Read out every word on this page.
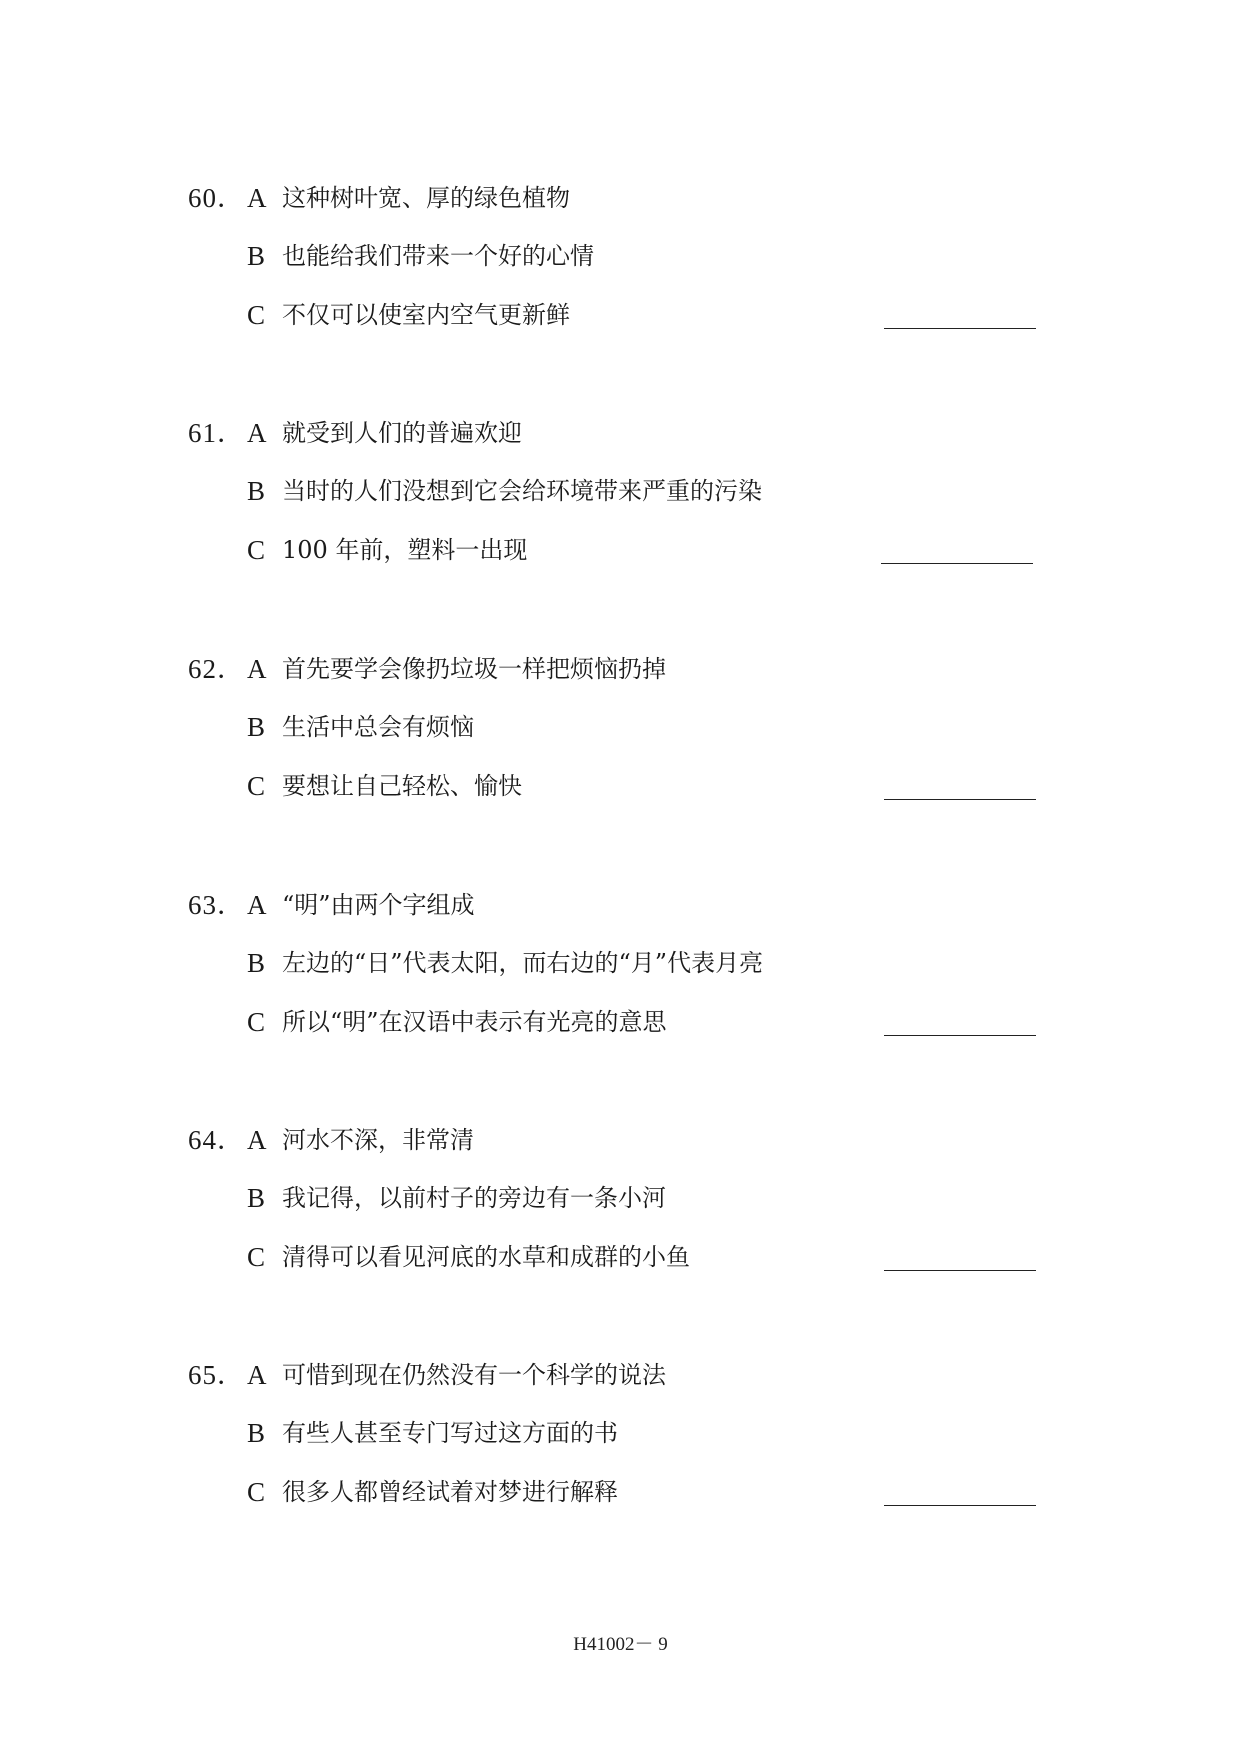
60． A 这种树叶宽、厚的绿色植物
B 也能给我们带来一个好的心情
C 不仅可以使室内空气更新鲜
61． A 就受到人们的普遍欢迎
B 当时的人们没想到它会给环境带来严重的污染
C 100 年前，塑料一出现
62． A 首先要学会像扔垃圾一样把烦恼扔掉
B 生活中总会有烦恼
C 要想让自己轻松、愉快
63． A “明”由两个字组成
B 左边的“日”代表太阳，而右边的“月”代表月亮
C 所以“明”在汉语中表示有光亮的意思
64． A 河水不深，非常清
B 我记得，以前村子的旁边有一条小河
C 清得可以看见河底的水草和成群的小鱼
65． A 可惜到现在仍然没有一个科学的说法
B 有些人甚至专门写过这方面的书
C 很多人都曾经试着对梦进行解释
H41002－ 9
